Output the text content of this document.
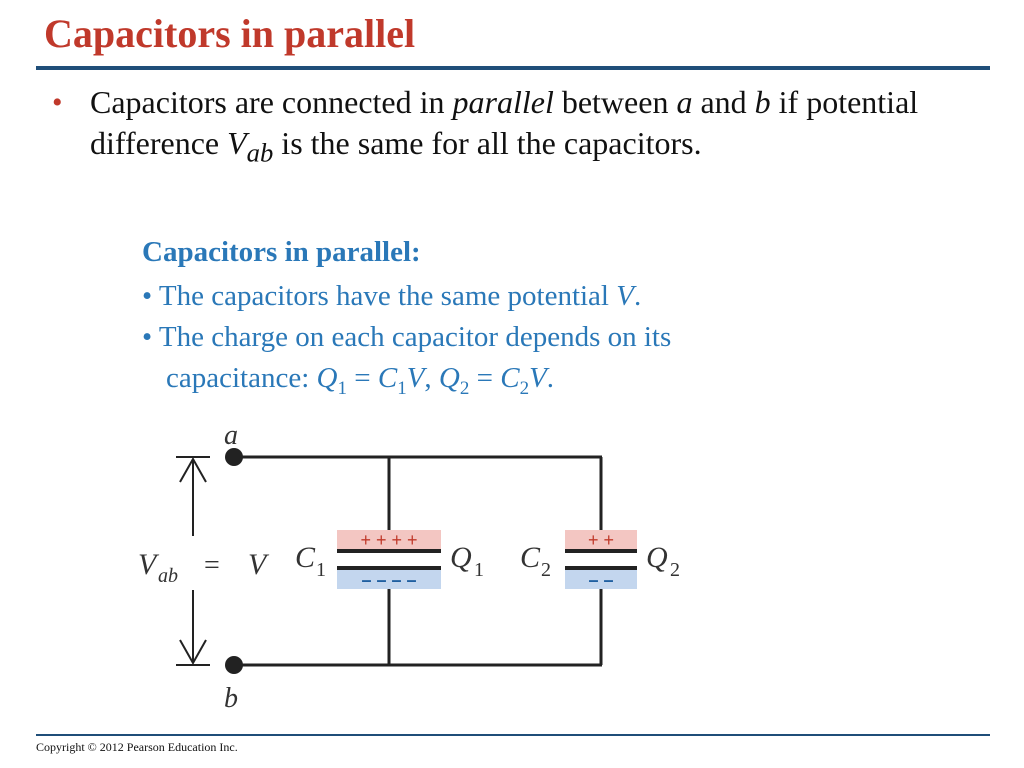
Capacitors in parallel
• Capacitors are connected in parallel between a and b if potential difference $V_{ab}$ is the same for all the capacitors.
Capacitors in parallel:
• The capacitors have the same potential V.
• The charge on each capacitor depends on its
capacitance: $Q_1 = C_1V$, $Q_2 = C_2V$.
+ + + +
– – – –
+ +
– –
a
b
V ab = V C 1	Q 1 C 2	Q 2
Copyright © 2012 Pearson Education Inc.
